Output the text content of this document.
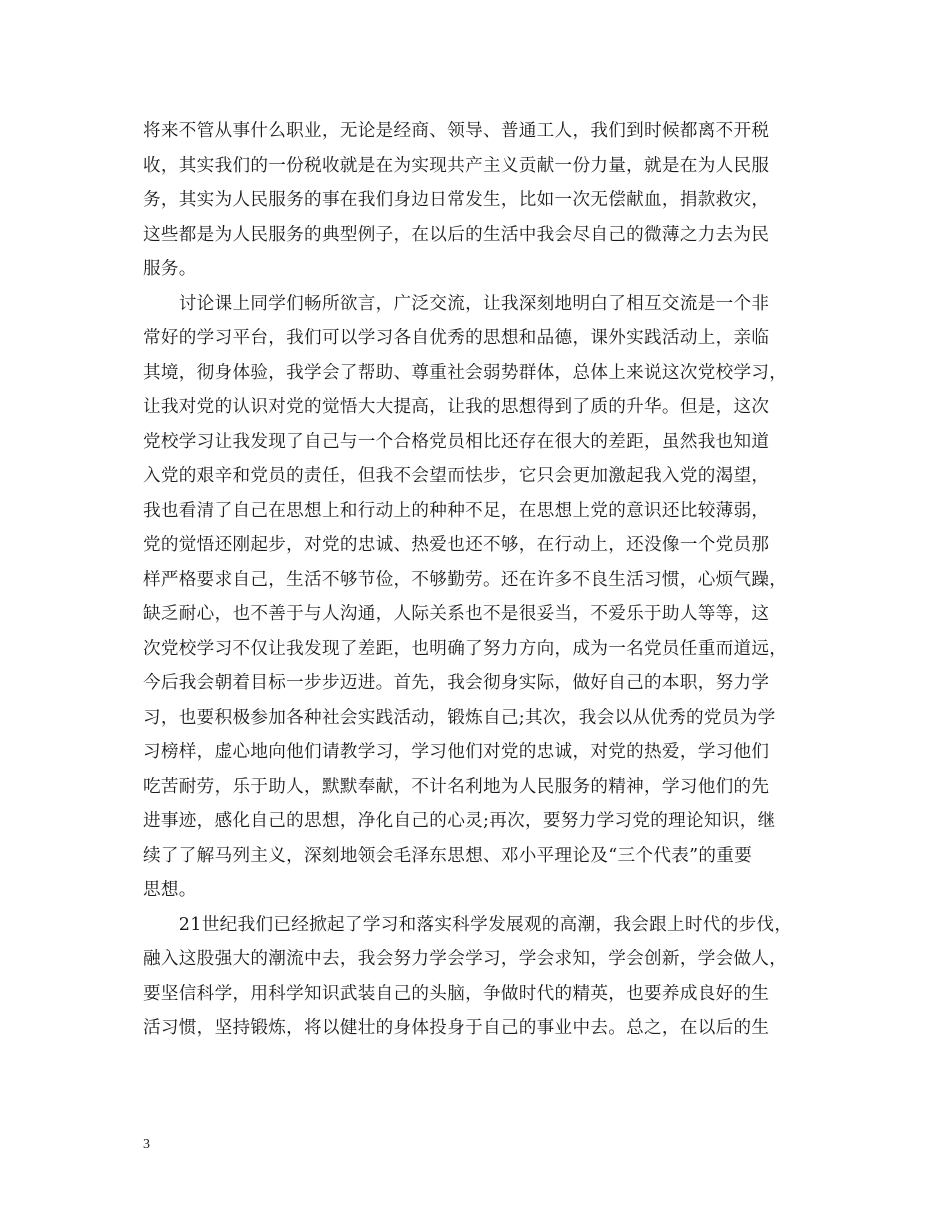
将来不管从事什么职业，无论是经商、领导、普通工人，我们到时候都离不开税
收，其实我们的一份税收就是在为实现共产主义贡献一份力量，就是在为人民服
务，其实为人民服务的事在我们身边日常发生，比如一次无偿献血，捐款救灾，
这些都是为人民服务的典型例子，在以后的生活中我会尽自己的微薄之力去为民
服务。
　　讨论课上同学们畅所欲言，广泛交流，让我深刻地明白了相互交流是一个非
常好的学习平台，我们可以学习各自优秀的思想和品德，课外实践活动上，亲临
其境，彻身体验，我学会了帮助、尊重社会弱势群体，总体上来说这次党校学习，
让我对党的认识对党的觉悟大大提高，让我的思想得到了质的升华。但是，这次
党校学习让我发现了自己与一个合格党员相比还存在很大的差距，虽然我也知道
入党的艰辛和党员的责任，但我不会望而怯步，它只会更加激起我入党的渴望，
我也看清了自己在思想上和行动上的种种不足，在思想上党的意识还比较薄弱，
党的觉悟还刚起步，对党的忠诚、热爱也还不够，在行动上，还没像一个党员那
样严格要求自己，生活不够节俭，不够勤劳。还在许多不良生活习惯，心烦气躁，
缺乏耐心，也不善于与人沟通，人际关系也不是很妥当，不爱乐于助人等等，这
次党校学习不仅让我发现了差距，也明确了努力方向，成为一名党员任重而道远，
今后我会朝着目标一步步迈进。首先，我会彻身实际，做好自己的本职，努力学
习，也要积极参加各种社会实践活动，锻炼自己;其次，我会以从优秀的党员为学
习榜样，虚心地向他们请教学习，学习他们对党的忠诚，对党的热爱，学习他们
吃苦耐劳，乐于助人，默默奉献，不计名利地为人民服务的精神，学习他们的先
进事迹，感化自己的思想，净化自己的心灵;再次，要努力学习党的理论知识，继
续了了解马列主义，深刻地领会毛泽东思想、邓小平理论及“三个代表”的重要
思想。
　　21世纪我们已经掀起了学习和落实科学发展观的高潮，我会跟上时代的步伐，
融入这股强大的潮流中去，我会努力学会学习，学会求知，学会创新，学会做人，
要坚信科学，用科学知识武装自己的头脑，争做时代的精英，也要养成良好的生
活习惯，坚持锻炼，将以健壮的身体投身于自己的事业中去。总之，在以后的生
3
